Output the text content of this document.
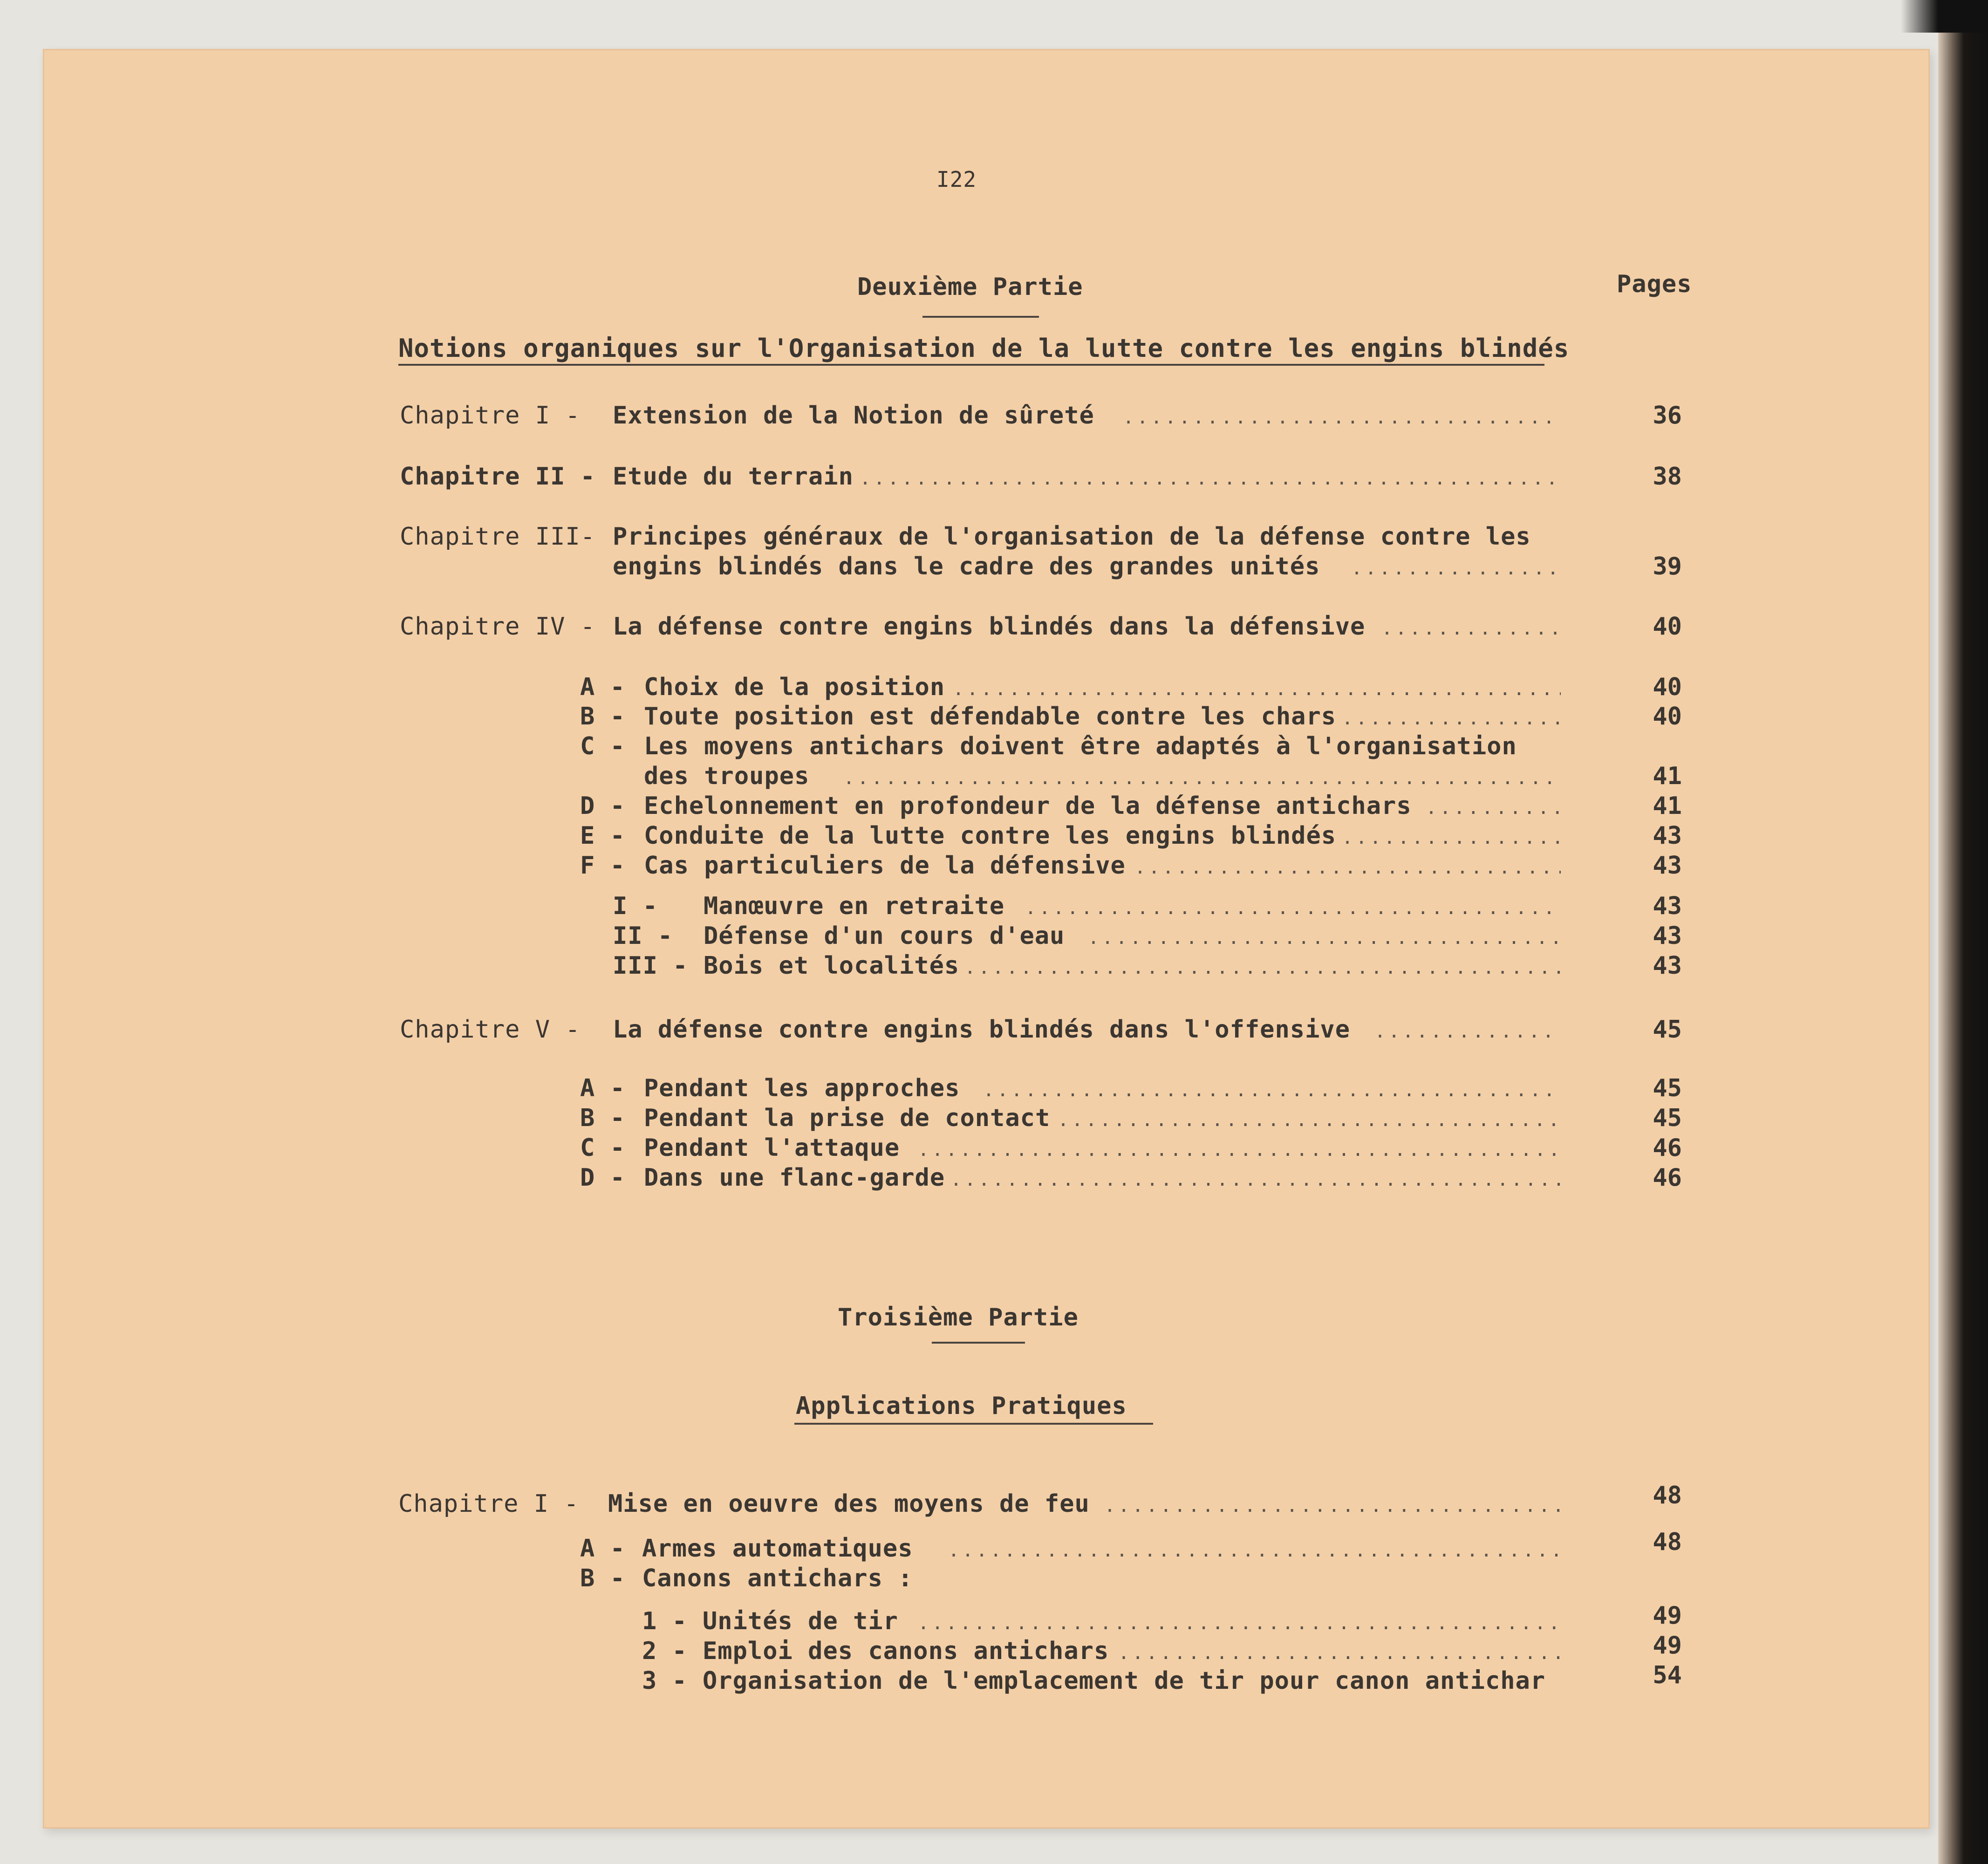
I22
Deuxième Partie	Pages
Notions organiques sur l'Organisation de la lutte contre les engins blindés
Chapitre I - Extension de la Notion de sûreté .....	36
Chapitre II - Etude du terrain .....	38
Chapitre III- Principes généraux de l'organisation de la défense contre les
engins blindés dans le cadre des grandes unités .....	39
Chapitre IV - La défense contre engins blindés dans la défensive .....	40
A - Choix de la position .....	40
B - Toute position est défendable contre les chars .....	40
C - Les moyens antichars doivent être adaptés à l'organisation
des troupes .....	41
D - Echelonnement en profondeur de la défense antichars .....	41
E - Conduite de la lutte contre les engins blindés .....	43
F - Cas particuliers de la défensive .....	43
I - Manœuvre en retraite .....	43
II - Défense d'un cours d'eau .....	43
III - Bois et localités .....	43
Chapitre V - La défense contre engins blindés dans l'offensive .....	45
A - Pendant les approches .....	45
B - Pendant la prise de contact .....	45
C - Pendant l'attaque .....	46
D - Dans une flanc-garde .....	46
Troisième Partie
Applications Pratiques
Chapitre I - Mise en oeuvre des moyens de feu .....	48
A - Armes automatiques .....	48
B - Canons antichars :
1 - Unités de tir .....	49
2 - Emploi des canons antichars .....	49
3 - Organisation de l'emplacement de tir pour canon antichar	54
